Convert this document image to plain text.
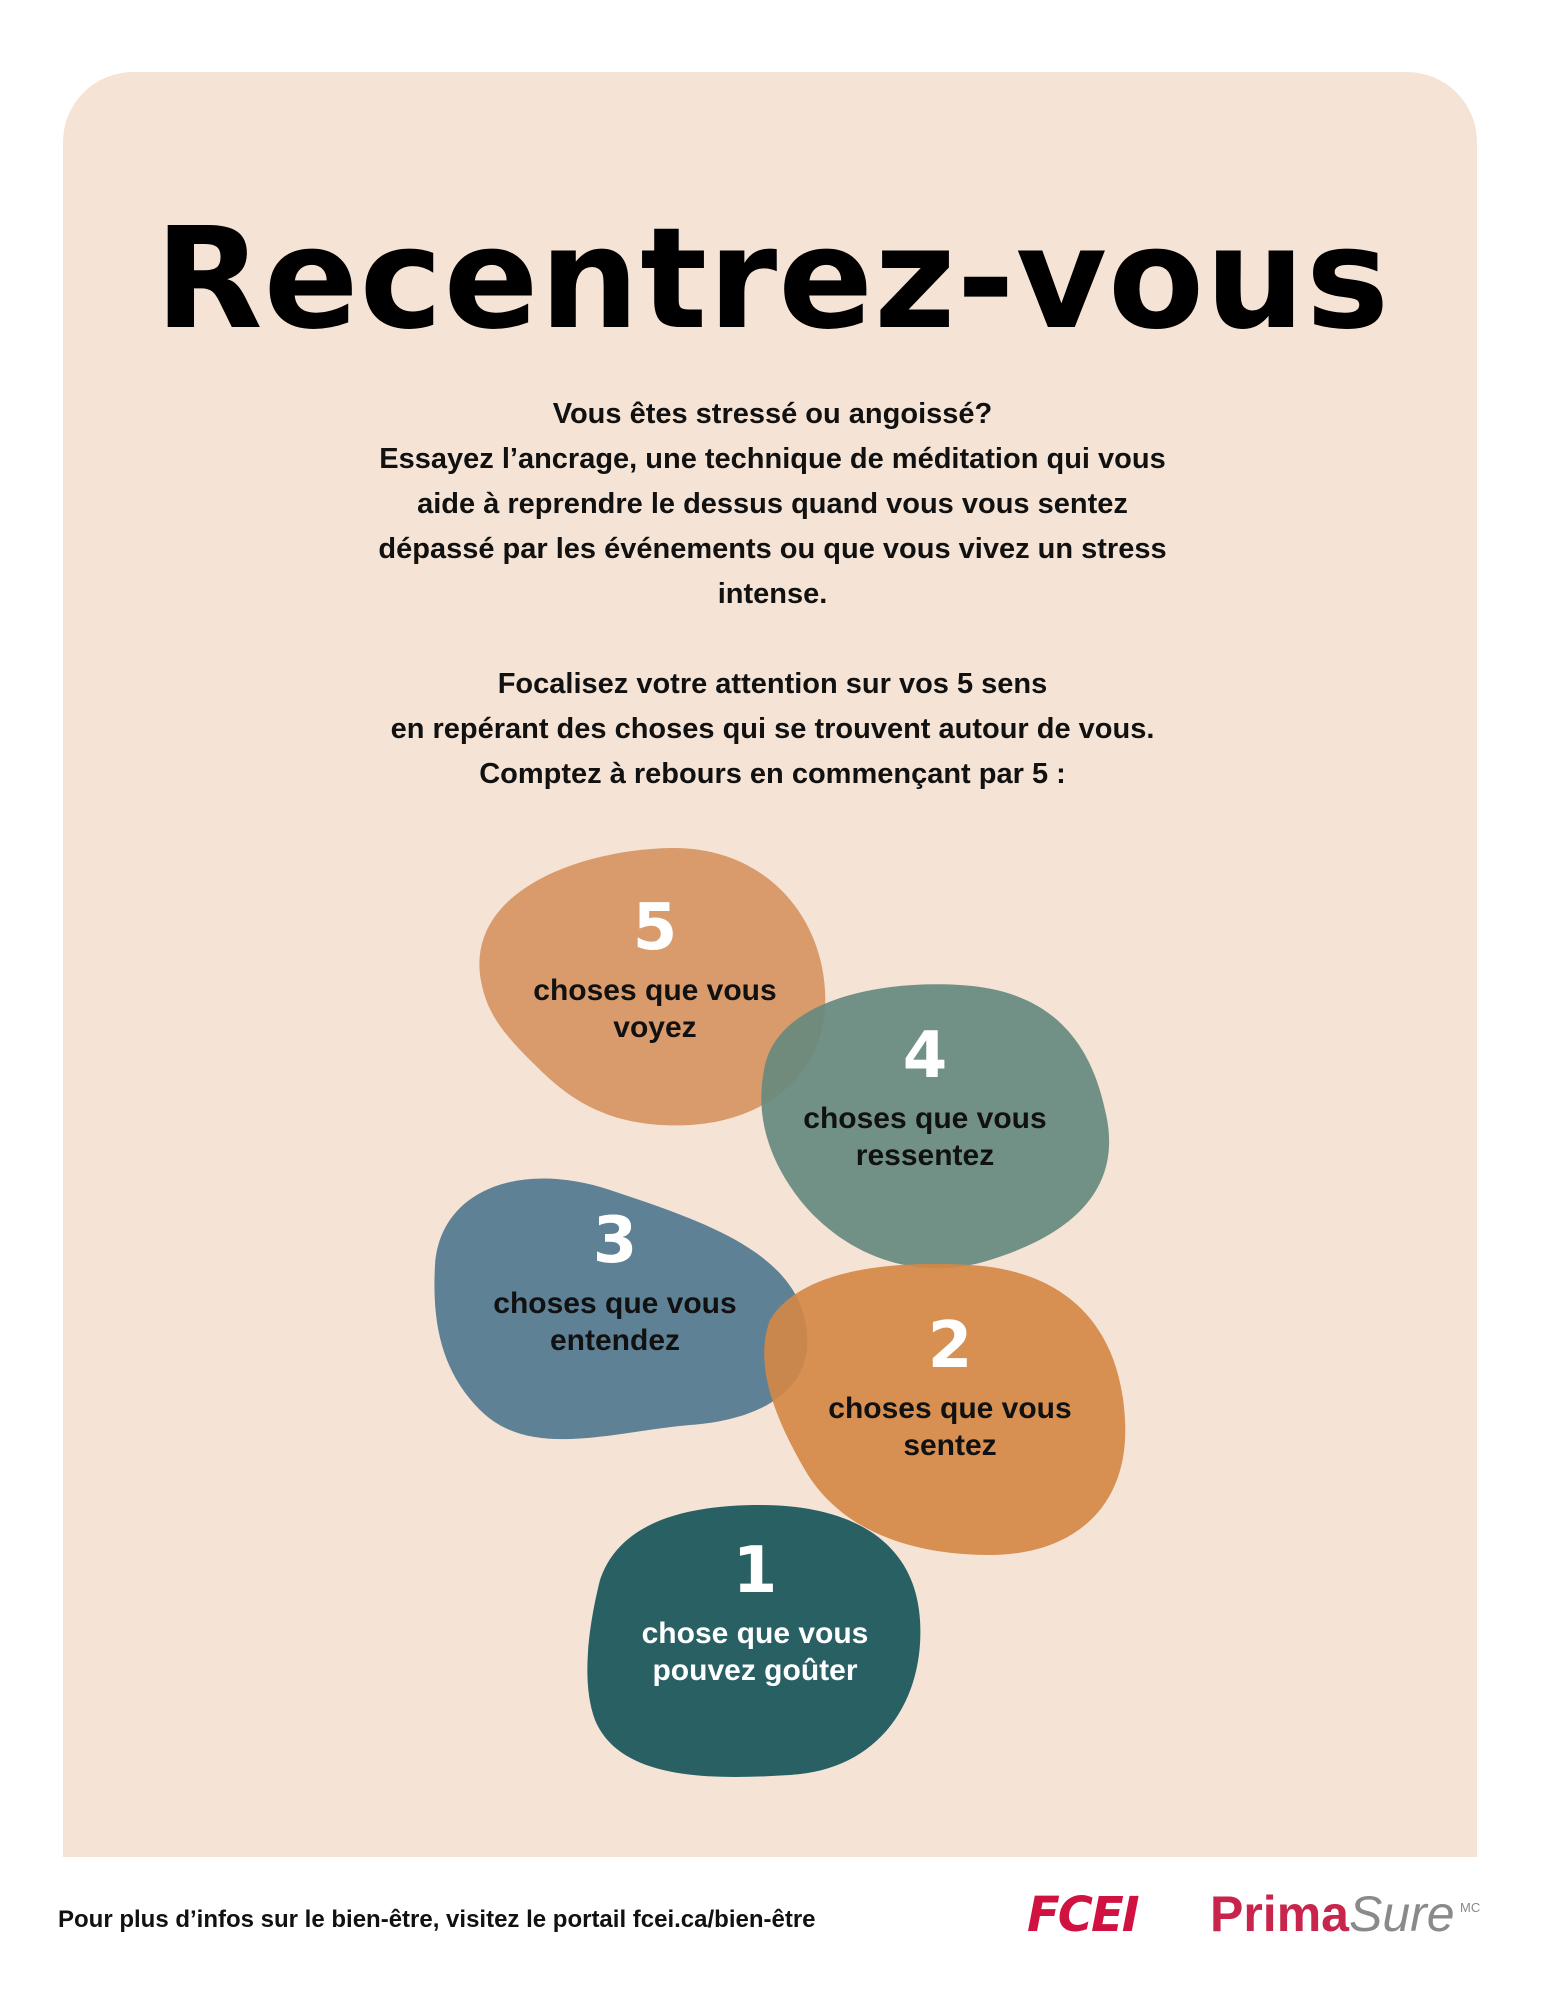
Recentrez-vous

Vous êtes stressé ou angoissé?

Essayez l’ancrage, une technique de méditation qui vous

aide à reprendre le dessus quand vous vous sentez

dépassé par les événements ou que vous vivez un stress

intense.

Focalisez votre attention sur vos 5 sens

en repérant des choses qui se trouvent autour de vous.

Comptez à rebours en commençant par 5 :

5
choses que vous
voyez	4
choses que vous
ressentez
3
choses que vous
entendez	2
choses que vous
sentez
1
chose que vous
pouvez goûter
Pour plus d’infos sur le bien-être, visitez le portail fcei.ca/bien-être	FCEI PrimaSure MC
